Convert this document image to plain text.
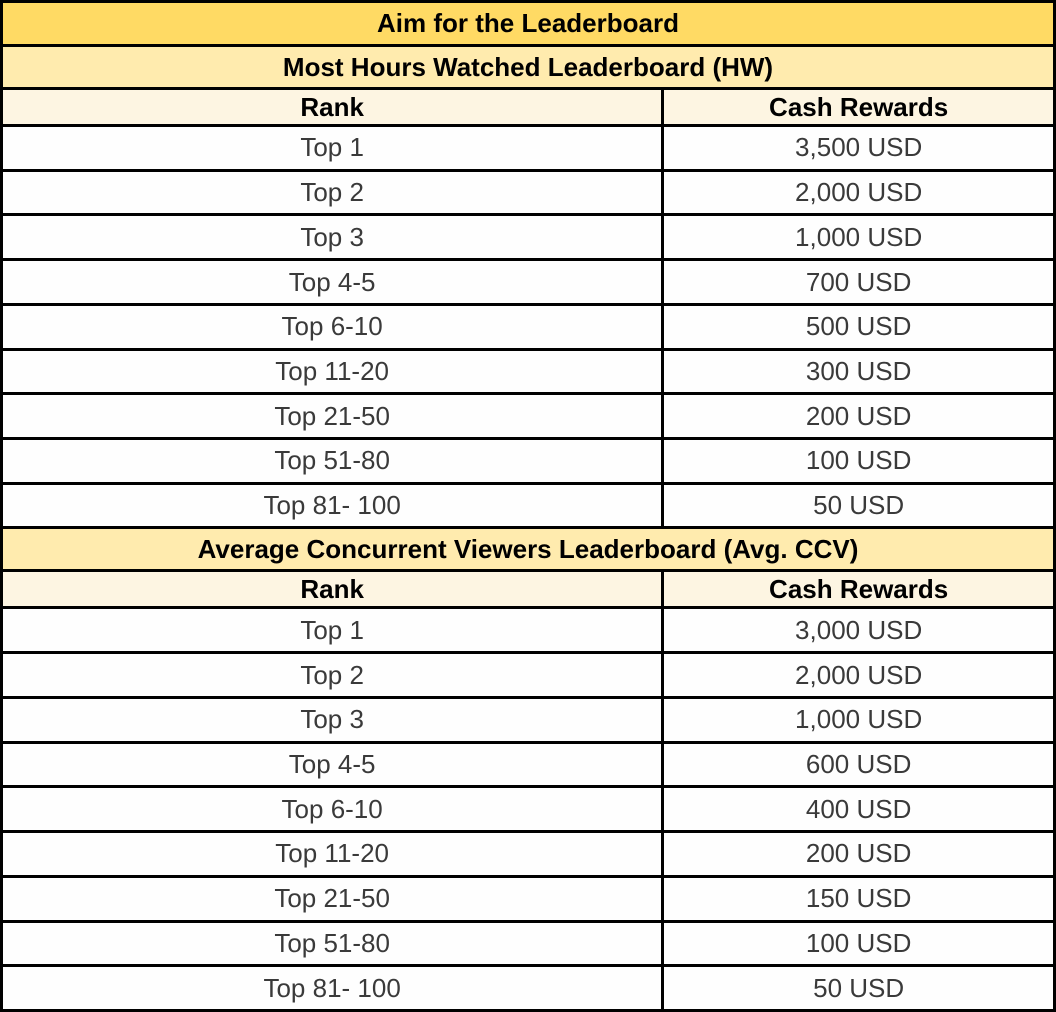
Aim for the Leaderboard	
Most Hours Watched Leaderboard (HW)	
Rank	Cash Rewards
Top 1	3,500 USD
Top 2	2,000 USD
Top 3	1,000 USD
Top 4-5	700 USD
Top 6-10	500 USD
Top 11-20	300 USD
Top 21-50	200 USD
Top 51-80	100 USD
Top 81- 100	50 USD
Average Concurrent Viewers Leaderboard (Avg. CCV)	
Rank	Cash Rewards
Top 1	3,000 USD
Top 2	2,000 USD
Top 3	1,000 USD
Top 4-5	600 USD
Top 6-10	400 USD
Top 11-20	200 USD
Top 21-50	150 USD
Top 51-80	100 USD
Top 81- 100	50 USD
